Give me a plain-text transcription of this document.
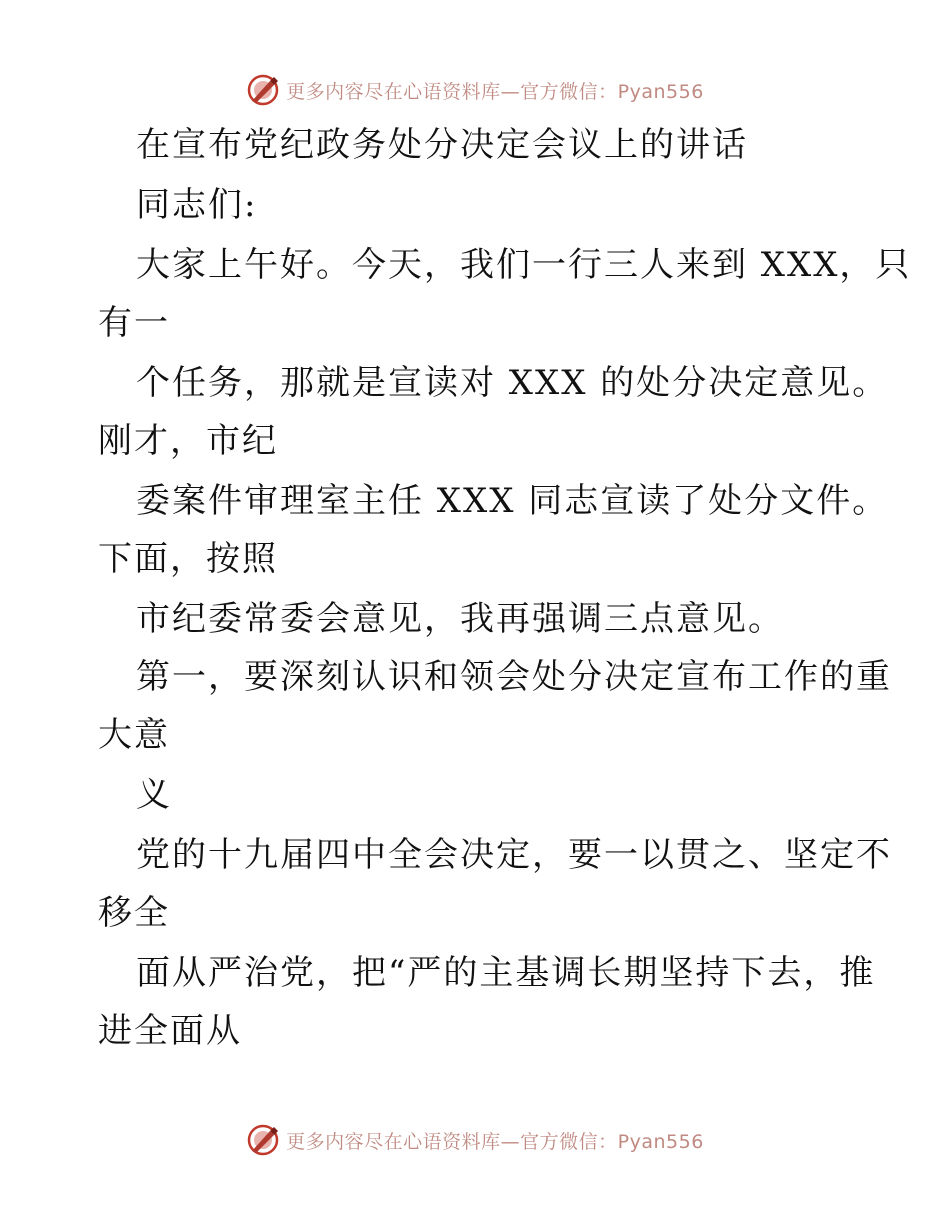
更多内容尽在心语资料库—官方微信：Pyan556
在宣布党纪政务处分决定会议上的讲话
同志们:
大家上午好。今天，我们一行三人来到 XXX，只
有一
个任务，那就是宣读对 XXX 的处分决定意见。
刚才，市纪
委案件审理室主任 XXX 同志宣读了处分文件。
下面，按照
市纪委常委会意见，我再强调三点意见。
第一，要深刻认识和领会处分决定宣布工作的重
大意
义
党的十九届四中全会决定，要一以贯之、坚定不
移全
面从严治党，把“严的主基调长期坚持下去，推
进全面从
更多内容尽在心语资料库—官方微信：Pyan556
